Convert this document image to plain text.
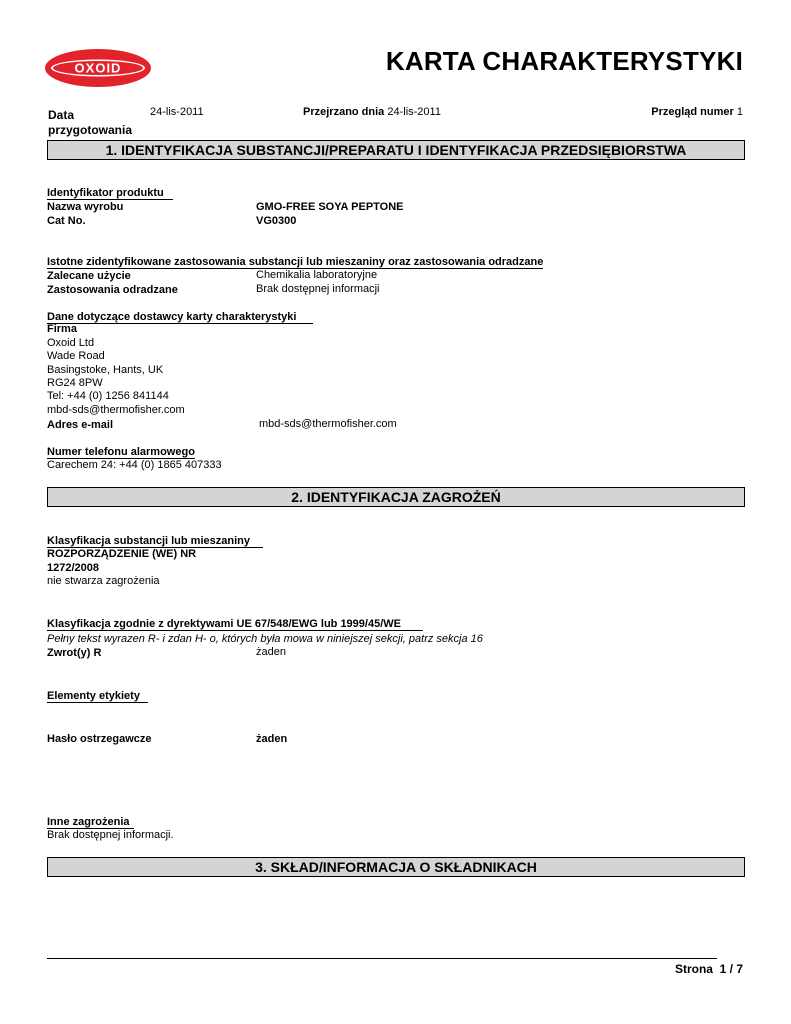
OXOID	KARTA CHARAKTERYSTYKI
Data przygotowania
24-lis-2011	Przejrzano dnia 24-lis-2011	Przegląd numer 1
1. IDENTYFIKACJA SUBSTANCJI/PREPARATU I IDENTYFIKACJA PRZEDSIĘBIORSTWA
Identyfikator produktu
Nazwa wyrobu	GMO-FREE SOYA PEPTONE
Cat No.	VG0300
Istotne zidentyfikowane zastosowania substancji lub mieszaniny oraz zastosowania odradzane
Zalecane użycie	Chemikalia laboratoryjne
Zastosowania odradzane	Brak dostępnej informacji
Dane dotyczące dostawcy karty charakterystyki
Firma
Oxoid Ltd
Wade Road
Basingstoke, Hants, UK
RG24 8PW
Tel: +44 (0) 1256 841144
mbd-sds@thermofisher.com
Adres e-mail	mbd-sds@thermofisher.com
Numer telefonu alarmowego
Carechem 24: +44 (0) 1865 407333
2. IDENTYFIKACJA ZAGROŻEŃ
Klasyfikacja substancji lub mieszaniny
ROZPORZĄDZENIE (WE) NR
1272/2008
nie stwarza zagrożenia
Klasyfikacja zgodnie z dyrektywami UE 67/548/EWG lub 1999/45/WE
Pełny tekst wyrazen R- i zdan H- o, których była mowa w niniejszej sekcji, patrz sekcja 16
Zwrot(y) R	żaden
Elementy etykiety
Hasło ostrzegawcze	żaden
Inne zagrożenia
Brak dostępnej informacji.
3. SKŁAD/INFORMACJA O SKŁADNIKACH
Strona 1 / 7
